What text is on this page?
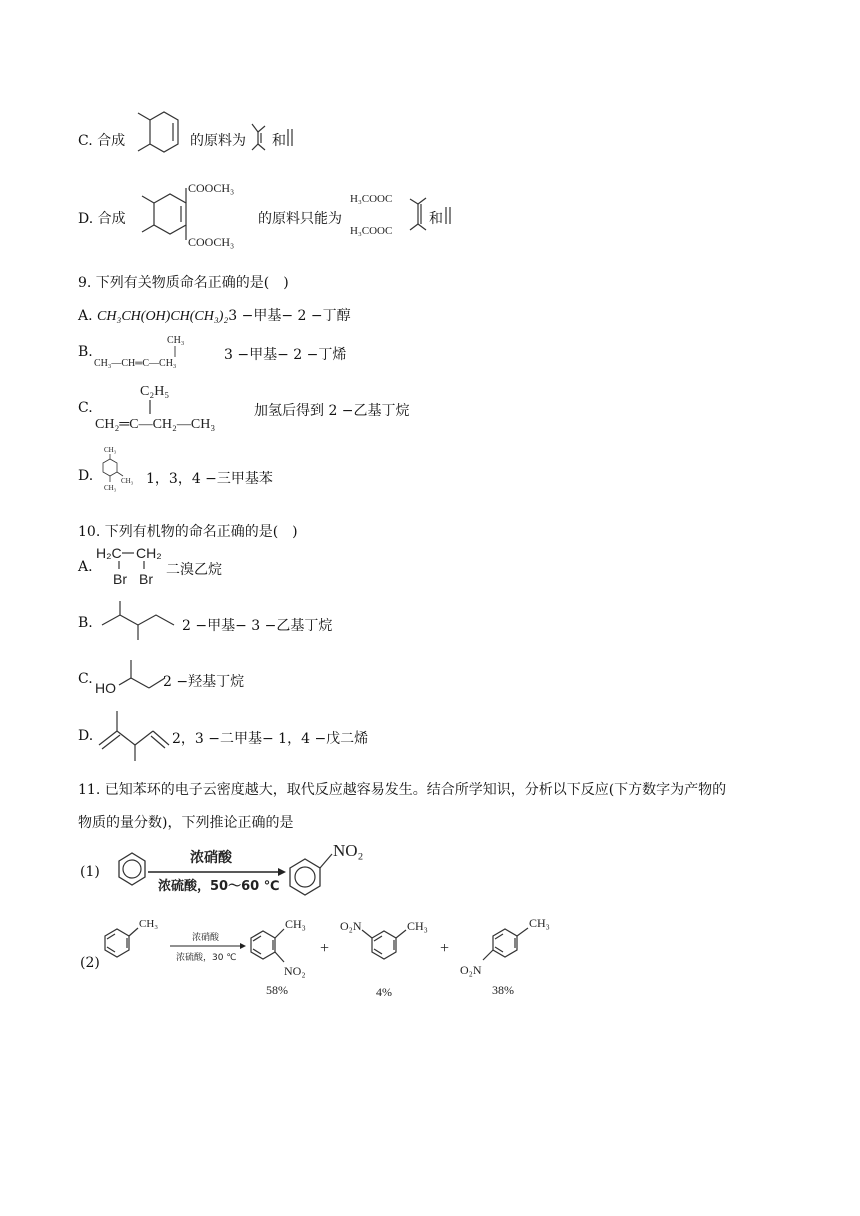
C. 合成	的原料为 和
D. 合成
COOCH₃
COOCH₃
的原料只能为
H₃COOC
H₃COOC
和
9. 下列有关物质命名正确的是(　)
A. CH₃CH(OH)CH(CH₃)₂3 −甲基− 2 −丁醇
B.
CH₃
CH₃—CH═C—CH₃
3 −甲基− 2 −丁烯
C.
C₂H₅
CH₂═C—CH₂—CH₃
加氢后得到 2 −乙基丁烷
D.
CH₃
CH₃
CH₃
1，3，4 −三甲基苯
10. 下列有机物的命名正确的是(　)
A.
H₂C CH₂
Br Br
二溴乙烷
B.	2 −甲基− 3 −乙基丁烷
C.
HO	2 −羟基丁烷
D.	2，3 −二甲基− 1，4 −戊二烯
11. 已知苯环的电子云密度越大，取代反应越容易发生。结合所学知识，分析以下反应(下方数字为产物的
物质的量分数)，下列推论正确的是
(1)
浓硝酸
浓硫酸，50～60 ℃
NO₂
(2)
CH₃
浓硝酸
浓硫酸，30 ℃
CH₃
NO₂
58%
+
O₂N	CH₃
4%
+
CH₃
O₂N
38%
